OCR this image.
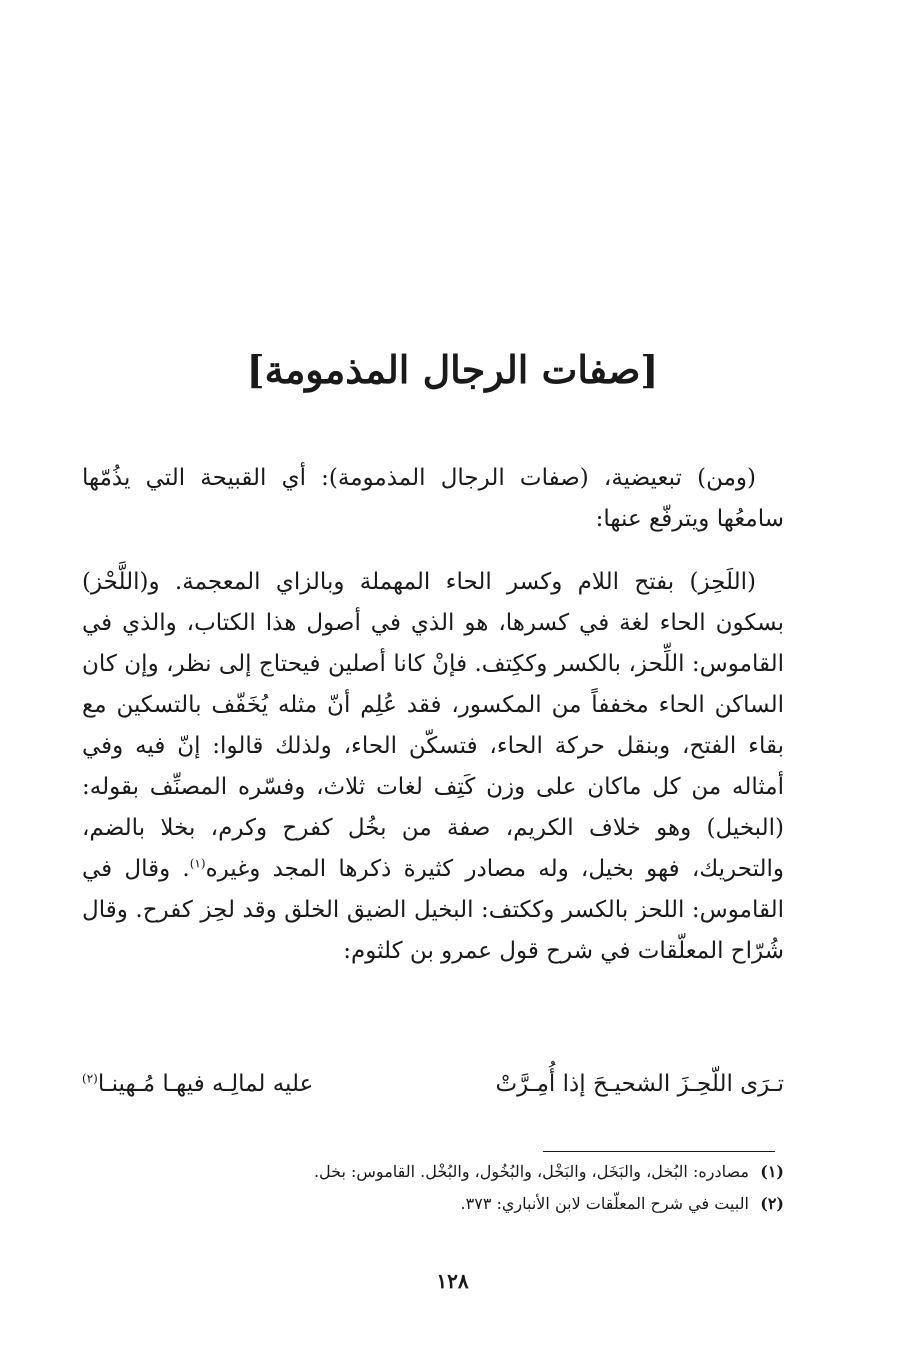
[صفات الرجال المذمومة]

(ومن) تبعيضية، (صفات الرجال المذمومة): أي القبيحة التي يذُمّها سامعُها ويترفّع عنها:

(اللَحِز) بفتح اللام وكسر الحاء المهملة وبالزاي المعجمة. و(اللَّحْز) بسكون الحاء لغة في كسرها، هو الذي في أصول هذا الكتاب، والذي في القاموس: اللِّحز، بالكسر وككِتف. فإنْ كانا أصلين فيحتاج إلى نظر، وإن كان الساكن الحاء مخففاً من المكسور، فقد عُلِم أنّ مثله يُخَفّف بالتسكين مع بقاء الفتح، وبنقل حركة الحاء، فتسكّن الحاء، ولذلك قالوا: إنّ فيه وفي أمثاله من كل ماكان على وزن كَتِف لغات ثلاث، وفسّره المصنِّف بقوله: (البخيل) وهو خلاف الكريم، صفة من بخُل كفرح وكرم، بخلا بالضم، والتحريك، فهو بخيل، وله مصادر كثيرة ذكرها المجد وغيره$^{(١)}$. وقال في القاموس: اللحز بالكسر وككتف: البخيل الضيق الخلق وقد لحِز كفرح. وقال شُرّاح المعلّقات في شرح قول عمرو بن كلثوم:

تـرَى اللّحِـزَ الشحيـحَ إذا أُمِـرَّتْ
عليه لمالِـه فيهـا مُـهينـا$^{(٢)}$
(١) مصادره: البُخل، والبَخَل، والبَخْل، والبُخُول، والبُخْل. القاموس: بخل.
(٢) البيت في شرح المعلّقات لابن الأنباري: ٣٧٣.
١٢٨
